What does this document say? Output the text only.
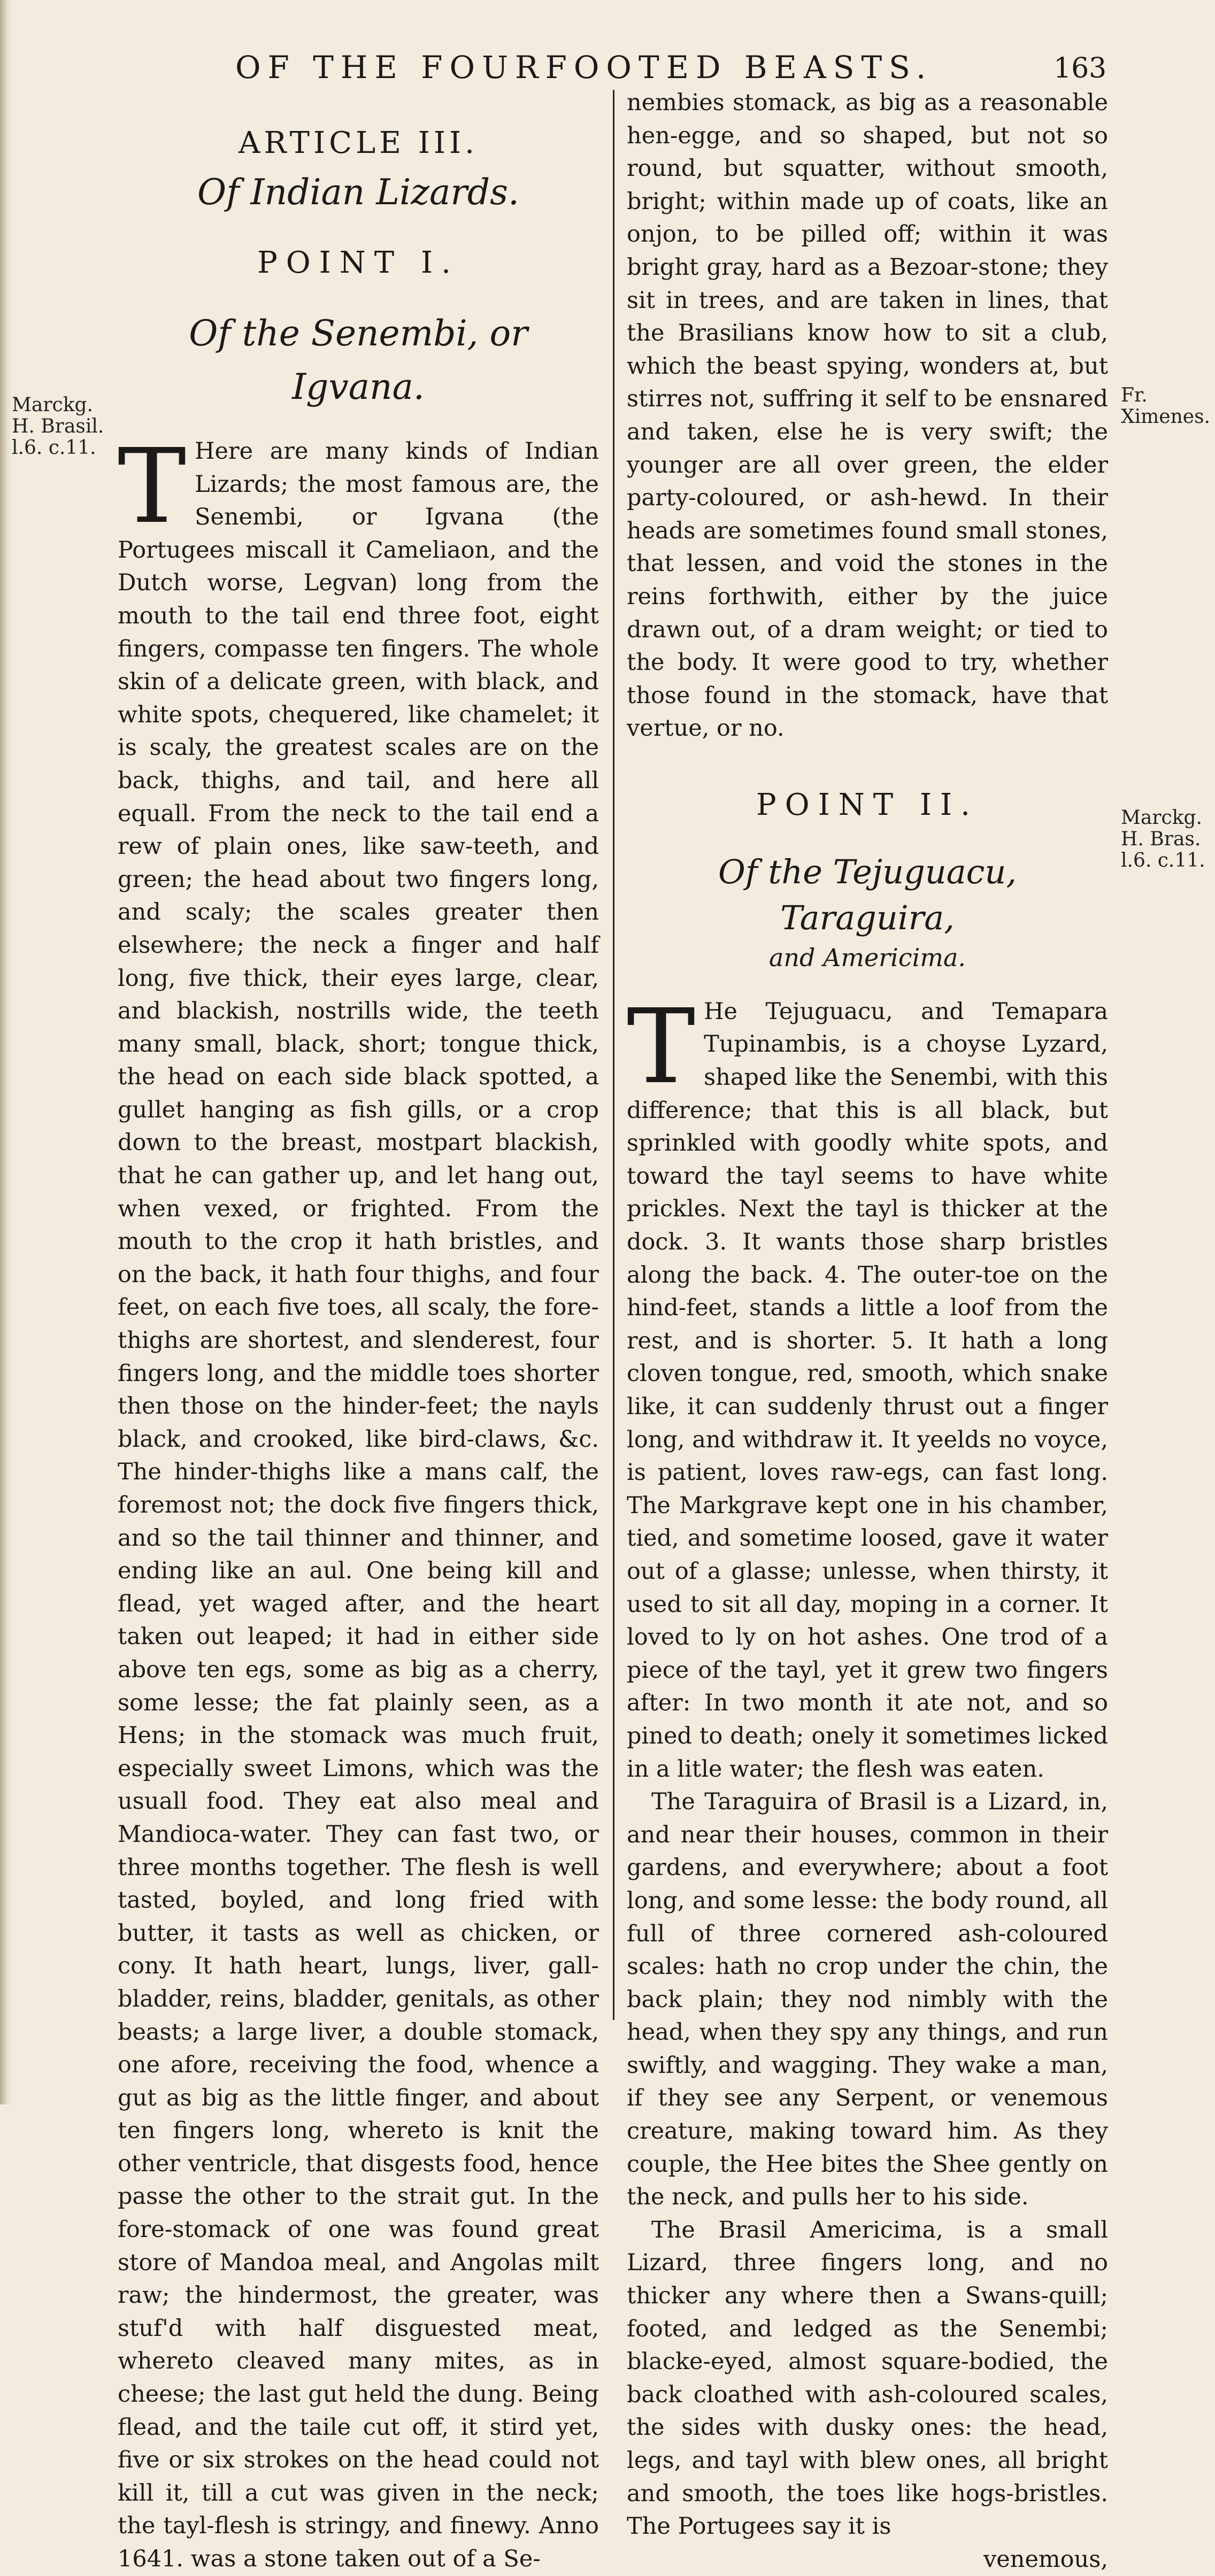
OF THE FOURFOOTED BEASTS.	163
Marckg.
H. Brasil.
l.6. c.11.
Fr. Ximenes.
Marckg.
H. Bras.
l.6. c.11.
ARTICLE III.
Of Indian Lizards.
POINT I.
Of the Senembi, or Igvana.

T Here are many kinds of Indian Lizards; the most famous are, the Senembi, or Igvana (the Portugees miscall it Cameliaon, and the Dutch worse, Legvan) long from the mouth to the tail end three foot, eight fingers, compasse ten fingers. The whole skin of a delicate green, with black, and white spots, chequered, like chamelet; it is scaly, the greatest scales are on the back, thighs, and tail, and here all equall. From the neck to the tail end a rew of plain ones, like saw-teeth, and green; the head about two fingers long, and scaly; the scales greater then elsewhere; the neck a finger and half long, five thick, their eyes large, clear, and blackish, nostrills wide, the teeth many small, black, short; tongue thick, the head on each side black spotted, a gullet hanging as fish gills, or a crop down to the breast, mostpart blackish, that he can gather up, and let hang out, when vexed, or frighted. From the mouth to the crop it hath bristles, and on the back, it hath four thighs, and four feet, on each five toes, all scaly, the fore-thighs are shortest, and slenderest, four fingers long, and the middle toes shorter then those on the hinder-feet; the nayls black, and crooked, like bird-claws, &c. The hinder-thighs like a mans calf, the foremost not; the dock five fingers thick, and so the tail thinner and thinner, and ending like an aul. One being kill and flead, yet waged after, and the heart taken out leaped; it had in either side above ten egs, some as big as a cherry, some lesse; the fat plainly seen, as a Hens; in the stomack was much fruit, especially sweet Limons, which was the usuall food. They eat also meal and Mandioca-water. They can fast two, or three months together. The flesh is well tasted, boyled, and long fried with butter, it tasts as well as chicken, or cony. It hath heart, lungs, liver, gall-bladder, reins, bladder, genitals, as other beasts; a large liver, a double stomack, one afore, receiving the food, whence a gut as big as the little finger, and about ten fingers long, whereto is knit the other ventricle, that disgests food, hence passe the other to the strait gut. In the fore-stomack of one was found great store of Mandoa meal, and Angolas milt raw; the hindermost, the greater, was stuf'd with half disguested meat, whereto cleaved many mites, as in cheese; the last gut held the dung. Being flead, and the taile cut off, it stird yet, five or six strokes on the head could not kill it, till a cut was given in the neck; the tayl-flesh is stringy, and finewy. Anno 1641. was a stone taken out of a Se-

nembies stomack, as big as a reasonable hen-egge, and so shaped, but not so round, but squatter, without smooth, bright; within made up of coats, like an onjon, to be pilled off; within it was bright gray, hard as a Bezoar-stone; they sit in trees, and are taken in lines, that the Brasilians know how to sit a club, which the beast spying, wonders at, but stirres not, suffring it self to be ensnared and taken, else he is very swift; the younger are all over green, the elder party-coloured, or ash-hewd. In their heads are sometimes found small stones, that lessen, and void the stones in the reins forthwith, either by the juice drawn out, of a dram weight; or tied to the body. It were good to try, whether those found in the stomack, have that vertue, or no.

POINT II.
Of the Tejuguacu, Taraguira,
and Americima.

T He Tejuguacu, and Temapara Tupinambis, is a choyse Lyzard, shaped like the Senembi, with this difference; that this is all black, but sprinkled with goodly white spots, and toward the tayl seems to have white prickles. Next the tayl is thicker at the dock. 3. It wants those sharp bristles along the back. 4. The outer-toe on the hind-feet, stands a little a loof from the rest, and is shorter. 5. It hath a long cloven tongue, red, smooth, which snake like, it can suddenly thrust out a finger long, and withdraw it. It yeelds no voyce, is patient, loves raw-egs, can fast long. The Markgrave kept one in his chamber, tied, and sometime loosed, gave it water out of a glasse; unlesse, when thirsty, it used to sit all day, moping in a corner. It loved to ly on hot ashes. One trod of a piece of the tayl, yet it grew two fingers after: In two month it ate not, and so pined to death; onely it sometimes licked in a litle water; the flesh was eaten.

The Taraguira of Brasil is a Lizard, in, and near their houses, common in their gardens, and everywhere; about a foot long, and some lesse: the body round, all full of three cornered ash-coloured scales: hath no crop under the chin, the back plain; they nod nimbly with the head, when they spy any things, and run swiftly, and wagging. They wake a man, if they see any Serpent, or venemous creature, making toward him. As they couple, the Hee bites the Shee gently on the neck, and pulls her to his side.

The Brasil Americima, is a small Lizard, three fingers long, and no thicker any where then a Swans-quill; footed, and ledged as the Senembi; blacke-eyed, almost square-bodied, the back cloathed with ash-coloured scales, the sides with dusky ones: the head, legs, and tayl with blew ones, all bright and smooth, the toes like hogs-bristles. The Portugees say it is

venemous,
